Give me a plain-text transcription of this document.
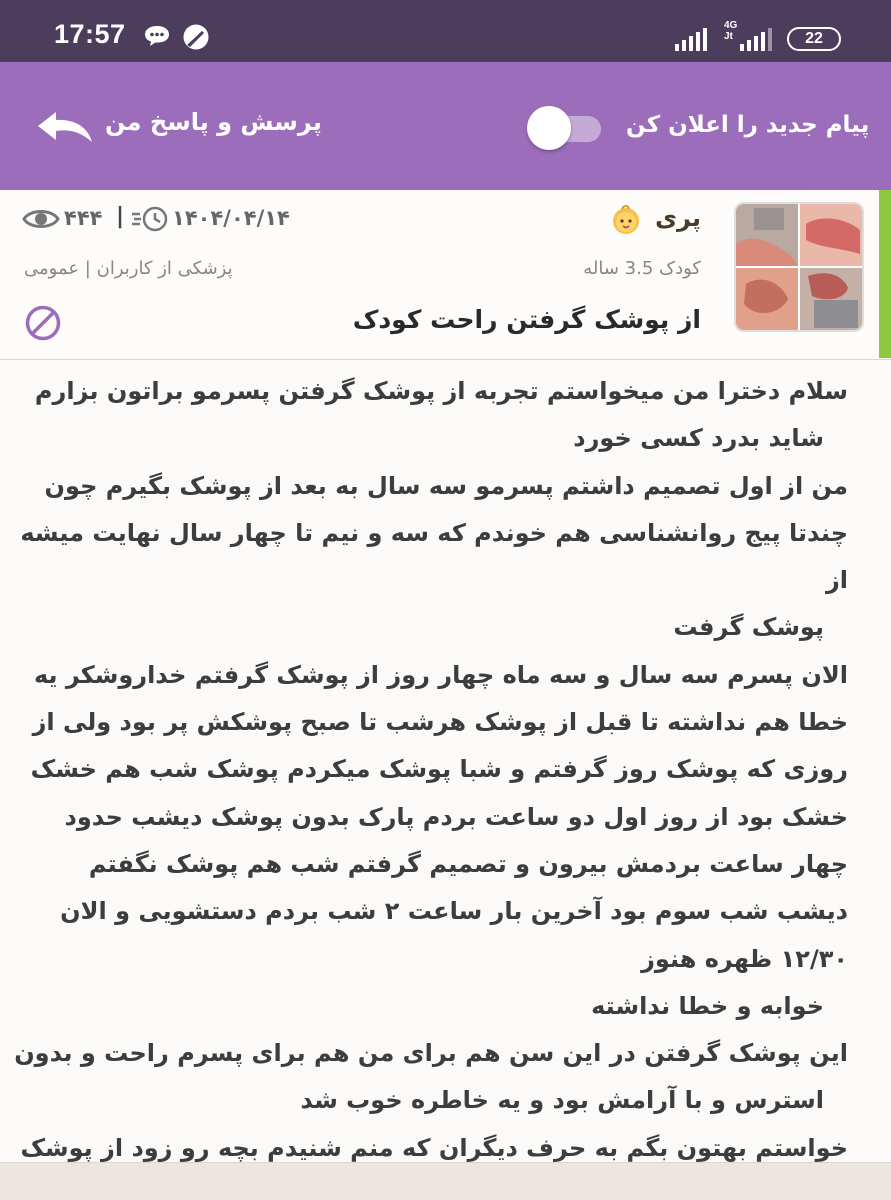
17:57	4G
Jt	22
پرسش و پاسخ من	پیام جدید را اعلان کن
پری
کودک 3.5 ساله
از پوشک گرفتن راحت کودک
۴۴۴ | ۱۴۰۴/۰۴/۱۴
پزشکی از کاربران | عمومی

سلام دخترا من میخواستم تجربه از پوشک گرفتن پسرمو براتون بزارم

شاید بدرد کسی خورد

من از اول تصمیم داشتم پسرمو سه سال به بعد از پوشک بگیرم چون چندتا پیج روانشناسی هم خوندم که سه و نیم تا چهار سال نهایت میشه از

پوشک گرفت

الان پسرم سه سال و سه ماه چهار روز از پوشک گرفتم خداروشکر یه خطا هم نداشته تا قبل از پوشک هرشب تا صبح پوشکش پر بود ولی از روزی که پوشک روز گرفتم و شبا پوشک میکردم پوشک شب هم خشک خشک بود از روز اول دو ساعت بردم پارک بدون پوشک دیشب حدود چهار ساعت بردمش بیرون و تصمیم گرفتم شب هم پوشک نگفتم دیشب شب سوم بود آخرین بار ساعت ۲ شب بردم دستشویی و الان ۱۲/۳۰ ظهره هنوز

خوابه و خطا نداشته

این پوشک گرفتن در این سن هم برای من هم برای پسرم راحت و بدون

استرس و با آرامش بود و یه خاطره خوب شد

خواستم بهتون بگم به حرف دیگران که منم شنیدم بچه رو زود از پوشک
